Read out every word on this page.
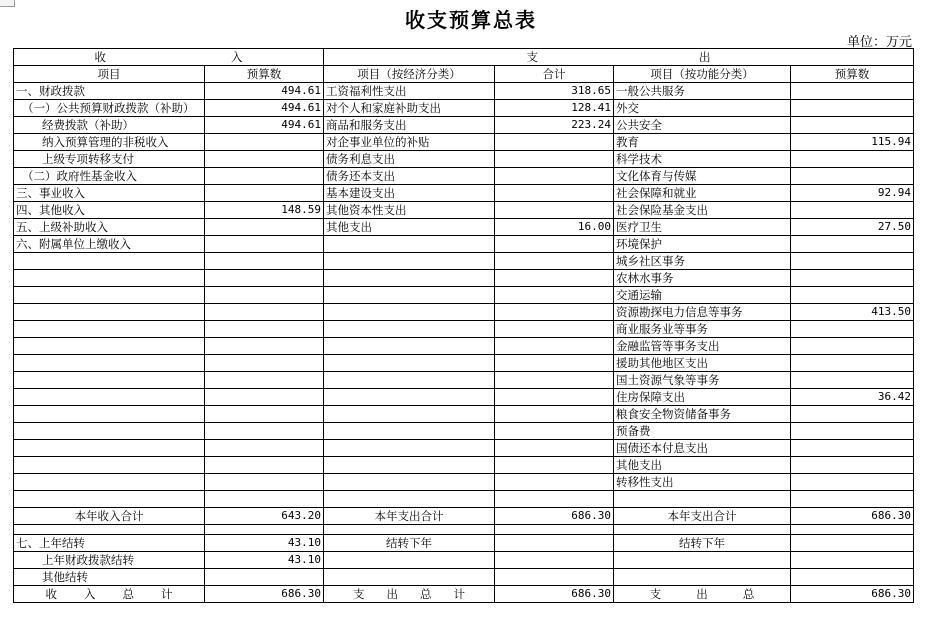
收支预算总表
单位：万元
收 入		支 出			

项目	预算数	项目（按经济分类）	合计	项目（按功能分类）	预算数
一、财政拨款	494.61	工资福利性支出	318.65	一般公共服务	
（一）公共预算财政拨款（补助）	494.61	对个人和家庭补助支出	128.41	外交	
经费拨款（补助）	494.61	商品和服务支出	223.24	公共安全	
纳入预算管理的非税收入		对企事业单位的补贴		教育	115.94
上级专项转移支付		债务利息支出		科学技术	
（二）政府性基金收入		债务还本支出		文化体育与传媒	
三、事业收入		基本建设支出		社会保障和就业	92.94
四、其他收入	148.59	其他资本性支出		社会保险基金支出	
五、上级补助收入		其他支出	16.00	医疗卫生	27.50
六、附属单位上缴收入				环境保护	
				城乡社区事务	
				农林水事务	
				交通运输	
				资源勘探电力信息等事务	413.50
				商业服务业等事务	
				金融监管等事务支出	
				援助其他地区支出	
				国土资源气象等事务	
				住房保障支出	36.42
				粮食安全物资储备事务	
				预备费	
				国债还本付息支出	
				其他支出	
				转移性支出	

本年收入合计	643.20	本年支出合计	686.30	本年支出合计	686.30

七、上年结转	43.10	结转下年		结转下年	
上年财政拨款结转	43.10				
其他结转					

收 入 总 计	686.30	支 出 总 计	686.30	支 出 总	686.30
